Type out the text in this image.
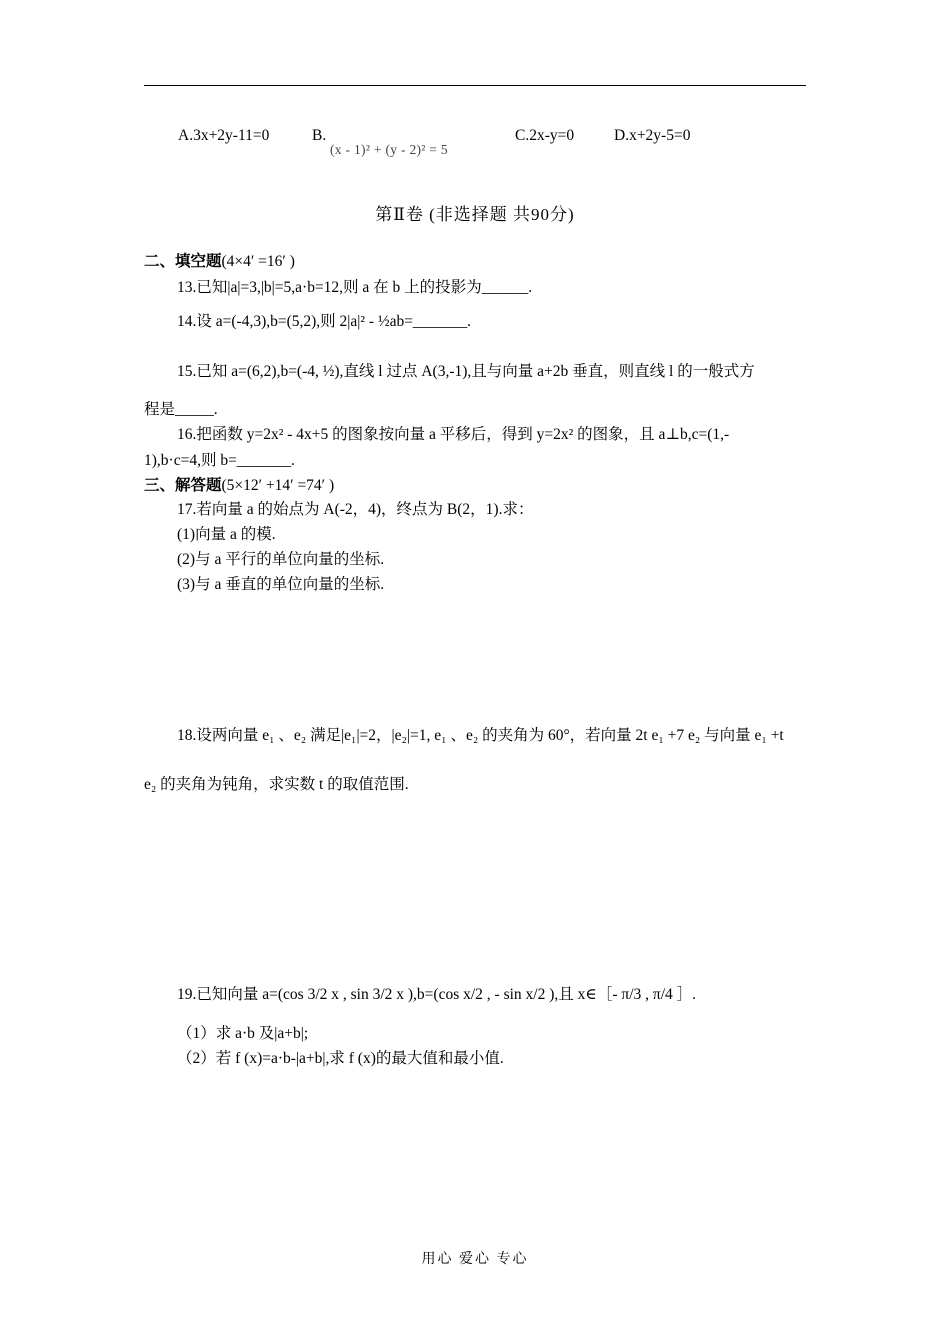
A.3x+2y-11=0	B.
(x - 1)² + (y - 2)² = 5
C.2x-y=0	D.x+2y-5=0
第Ⅱ卷 (非选择题 共90分)
二、填空题(4×4′ =16′ )
13.已知|a|=3,|b|=5,a·b=12,则 a 在 b 上的投影为______.
14.设 a=(-4,3),b=(5,2),则 2|a|² - ½ab=_______.
15.已知 a=(6,2),b=(-4, ½),直线 l 过点 A(3,-1),且与向量 a+2b 垂直，则直线 l 的一般式方
程是_____.
16.把函数 y=2x² - 4x+5 的图象按向量 a 平移后，得到 y=2x² 的图象，且 a⊥b,c=(1,-
1),b·c=4,则 b=_______.
三、解答题(5×12′ +14′ =74′ )
17.若向量 a 的始点为 A(-2，4)，终点为 B(2，1).求：
(1)向量 a 的模.
(2)与 a 平行的单位向量的坐标.
(3)与 a 垂直的单位向量的坐标.
18.设两向量 e₁ 、e₂ 满足|e₁|=2，|e₂|=1, e₁ 、e₂ 的夹角为 60°，若向量 2t e₁ +7 e₂ 与向量 e₁ +t
e₂ 的夹角为钝角，求实数 t 的取值范围.
19.已知向量 a=(cos 3/2 x , sin 3/2 x ),b=(cos x/2 , - sin x/2 ),且 x∈［- π/3 , π/4 ］.
（1）求 a·b 及|a+b|;
（2）若 f (x)=a·b-|a+b|,求 f (x)的最大值和最小值.
用心 爱心 专心
